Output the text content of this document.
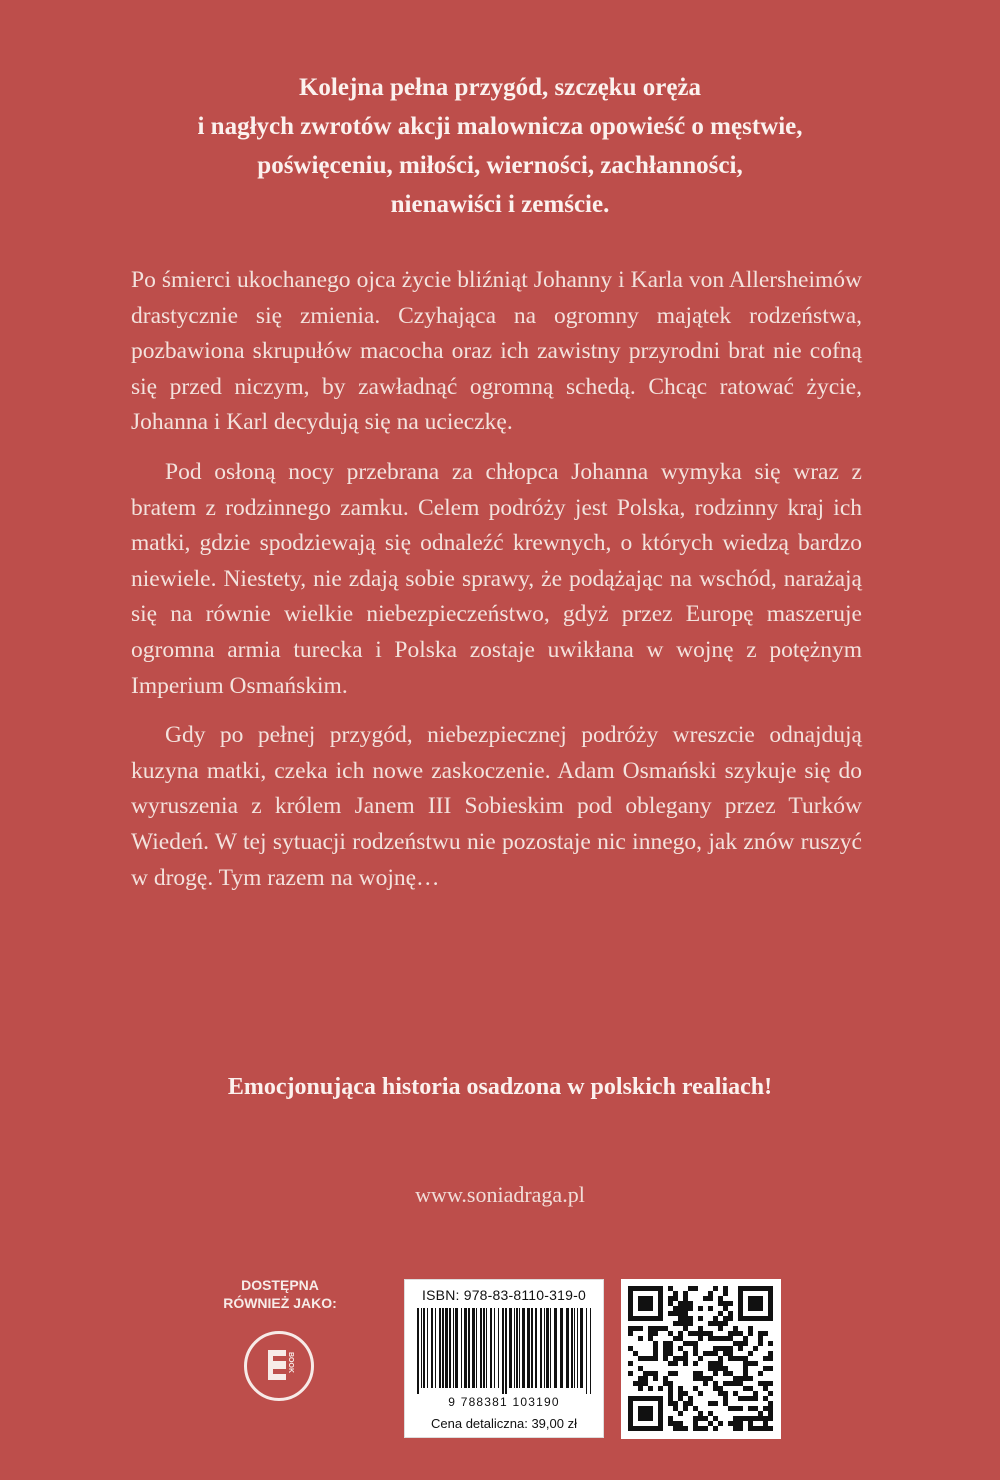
Kolejna pełna przygód, szczęku oręża
i nagłych zwrotów akcji malownicza opowieść o męstwie,
poświęceniu, miłości, wierności, zachłanności,
nienawiści i zemście.

Po śmierci ukochanego ojca życie bliźniąt Johanny i Karla von Allersheimów drastycznie się zmienia. Czyhająca na ogromny majątek rodzeństwa, pozbawiona skrupułów macocha oraz ich zawistny przyrodni brat nie cofną się przed niczym, by zawładnąć ogromną schedą. Chcąc ratować życie, Johanna i Karl decydują się na ucieczkę.

Pod osłoną nocy przebrana za chłopca Johanna wymyka się wraz z bratem z rodzinnego zamku. Celem podróży jest Polska, rodzinny kraj ich matki, gdzie spodziewają się odnaleźć krewnych, o których wiedzą bardzo niewiele. Niestety, nie zdają sobie sprawy, że podążając na wschód, narażają się na równie wielkie niebezpieczeństwo, gdyż przez Europę maszeruje ogromna armia turecka i Polska zostaje uwikłana w wojnę z potężnym Imperium Osmańskim.

Gdy po pełnej przygód, niebezpiecznej podróży wreszcie odnajdują kuzyna matki, czeka ich nowe zaskoczenie. Adam Osmański szykuje się do wyruszenia z królem Janem III Sobieskim pod oblegany przez Turków Wiedeń. W tej sytuacji rodzeństwu nie pozostaje nic innego, jak znów ruszyć w drogę. Tym razem na wojnę…

Emocjonująca historia osadzona w polskich realiach!
www.soniadraga.pl
DOSTĘPNA
RÓWNIEŻ JAKO:
BOOK
ISBN: 978-83-8110-319-0
9 788381 103190
Cena detaliczna: 39,00 zł
